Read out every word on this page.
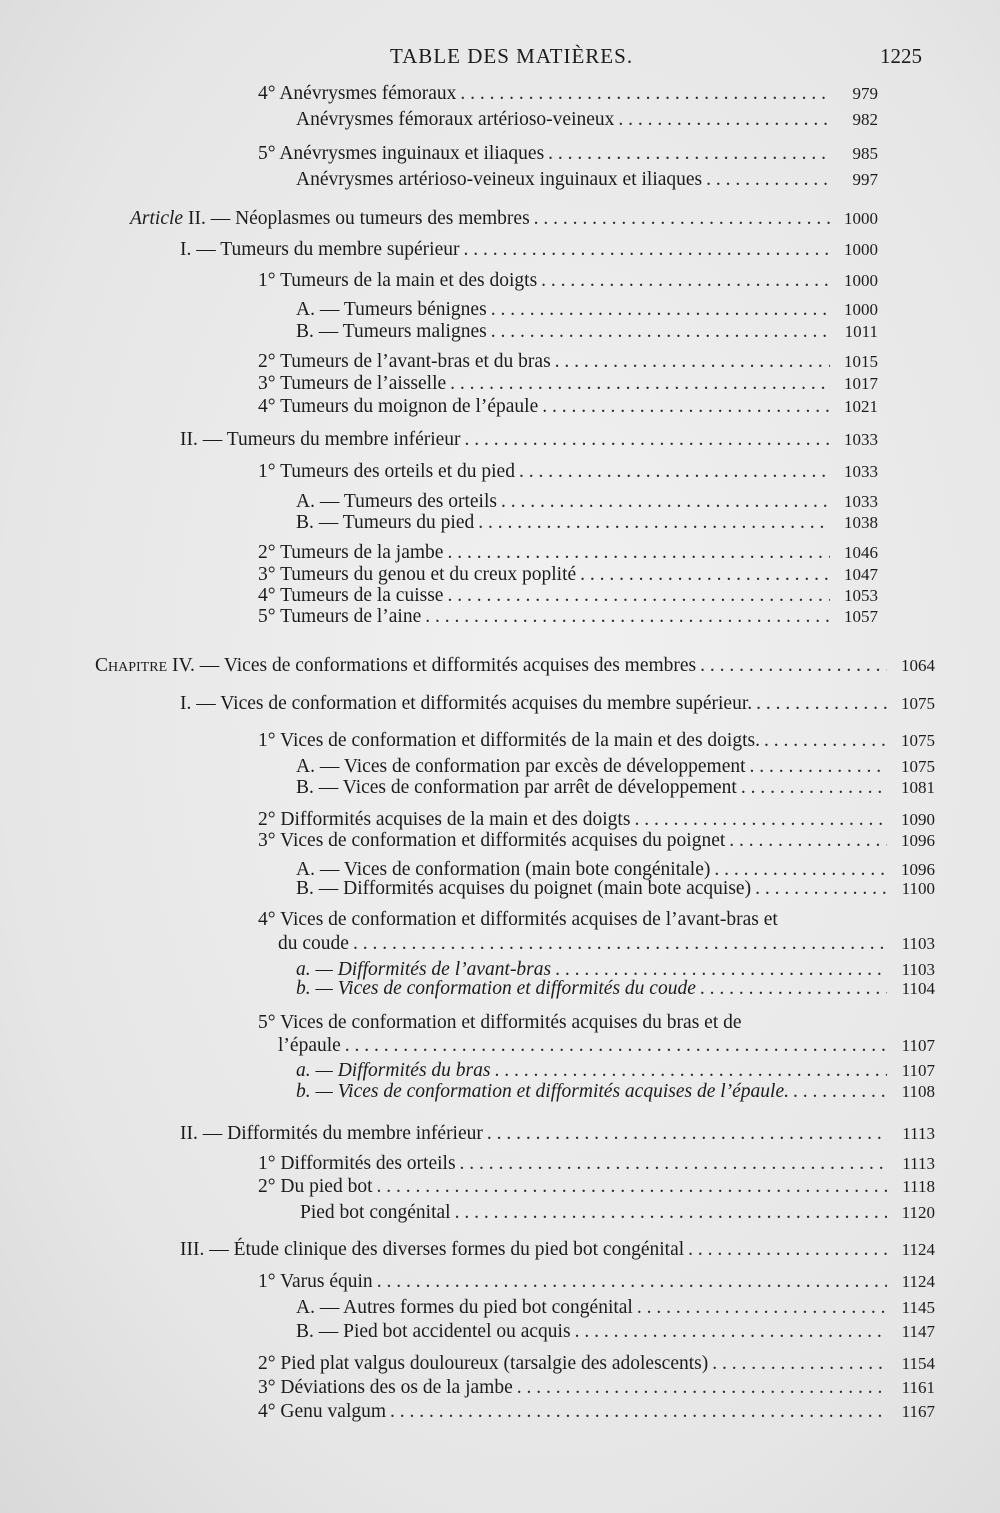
TABLE DES MATIÈRES.	1225
4° Anévrysmes fémoraux . . .	979
Anévrysmes fémoraux artérioso-veineux . . .	982
5° Anévrysmes inguinaux et iliaques . . .	985
Anévrysmes artérioso-veineux inguinaux et iliaques . . .	997
Article II. — Néoplasmes ou tumeurs des membres . . .	1000
I. — Tumeurs du membre supérieur . . .	1000
1° Tumeurs de la main et des doigts . . .	1000
A. — Tumeurs bénignes . . .	1000
B. — Tumeurs malignes . . .	1011
2° Tumeurs de l’avant-bras et du bras . . .	1015
3° Tumeurs de l’aisselle . . .	1017
4° Tumeurs du moignon de l’épaule . . .	1021
II. — Tumeurs du membre inférieur . . .	1033
1° Tumeurs des orteils et du pied . . .	1033
A. — Tumeurs des orteils . . .	1033
B. — Tumeurs du pied . . .	1038
2° Tumeurs de la jambe . . .	1046
3° Tumeurs du genou et du creux poplité . . .	1047
4° Tumeurs de la cuisse . . .	1053
5° Tumeurs de l’aine . . .	1057
Chapitre IV. — Vices de conformations et difformités acquises des membres . . .	1064
I. — Vices de conformation et difformités acquises du membre supérieur. . . .	1075
1° Vices de conformation et difformités de la main et des doigts. . . .	1075
A. — Vices de conformation par excès de développement . . .	1075
B. — Vices de conformation par arrêt de développement . . .	1081
2° Difformités acquises de la main et des doigts . . .	1090
3° Vices de conformation et difformités acquises du poignet . . .	1096
A. — Vices de conformation (main bote congénitale) . . .	1096
B. — Difformités acquises du poignet (main bote acquise) . . .	1100
4° Vices de conformation et difformités acquises de l’avant-bras et
du coude . . .	1103
a. — Difformités de l’avant-bras . . .	1103
b. — Vices de conformation et difformités du coude . . .	1104
5° Vices de conformation et difformités acquises du bras et de
l’épaule . . .	1107
a. — Difformités du bras . . .	1107
b. — Vices de conformation et difformités acquises de l’épaule. . . .	1108
II. — Difformités du membre inférieur . . .	1113
1° Difformités des orteils . . .	1113
2° Du pied bot . . .	1118
Pied bot congénital . . .	1120
III. — Étude clinique des diverses formes du pied bot congénital . . .	1124
1° Varus équin . . .	1124
A. — Autres formes du pied bot congénital . . .	1145
B. — Pied bot accidentel ou acquis . . .	1147
2° Pied plat valgus douloureux (tarsalgie des adolescents) . . .	1154
3° Déviations des os de la jambe . . .	1161
4° Genu valgum . . .	1167
